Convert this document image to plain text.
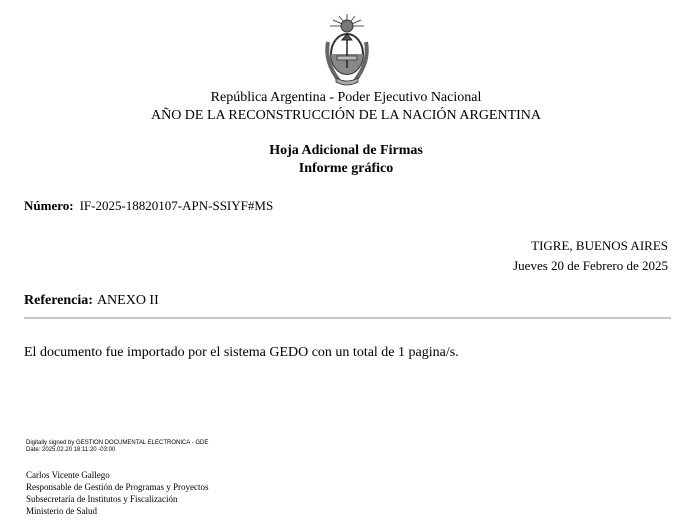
República Argentina - Poder Ejecutivo Nacional
AÑO DE LA RECONSTRUCCIÓN DE LA NACIÓN ARGENTINA
Hoja Adicional de Firmas
Informe gráfico
Número: IF-2025-18820107-APN-SSIYF#MS
TIGRE, BUENOS AIRES
Jueves 20 de Febrero de 2025
Referencia: ANEXO II
El documento fue importado por el sistema GEDO con un total de 1 pagina/s.
Digitally signed by GESTION DOCUMENTAL ELECTRONICA - GDE
Date: 2025.02.20 18:11:20 -03:00
Carlos Vicente Gallego
Responsable de Gestión de Programas y Proyectos
Subsecretaría de Institutos y Fiscalización
Ministerio de Salud
